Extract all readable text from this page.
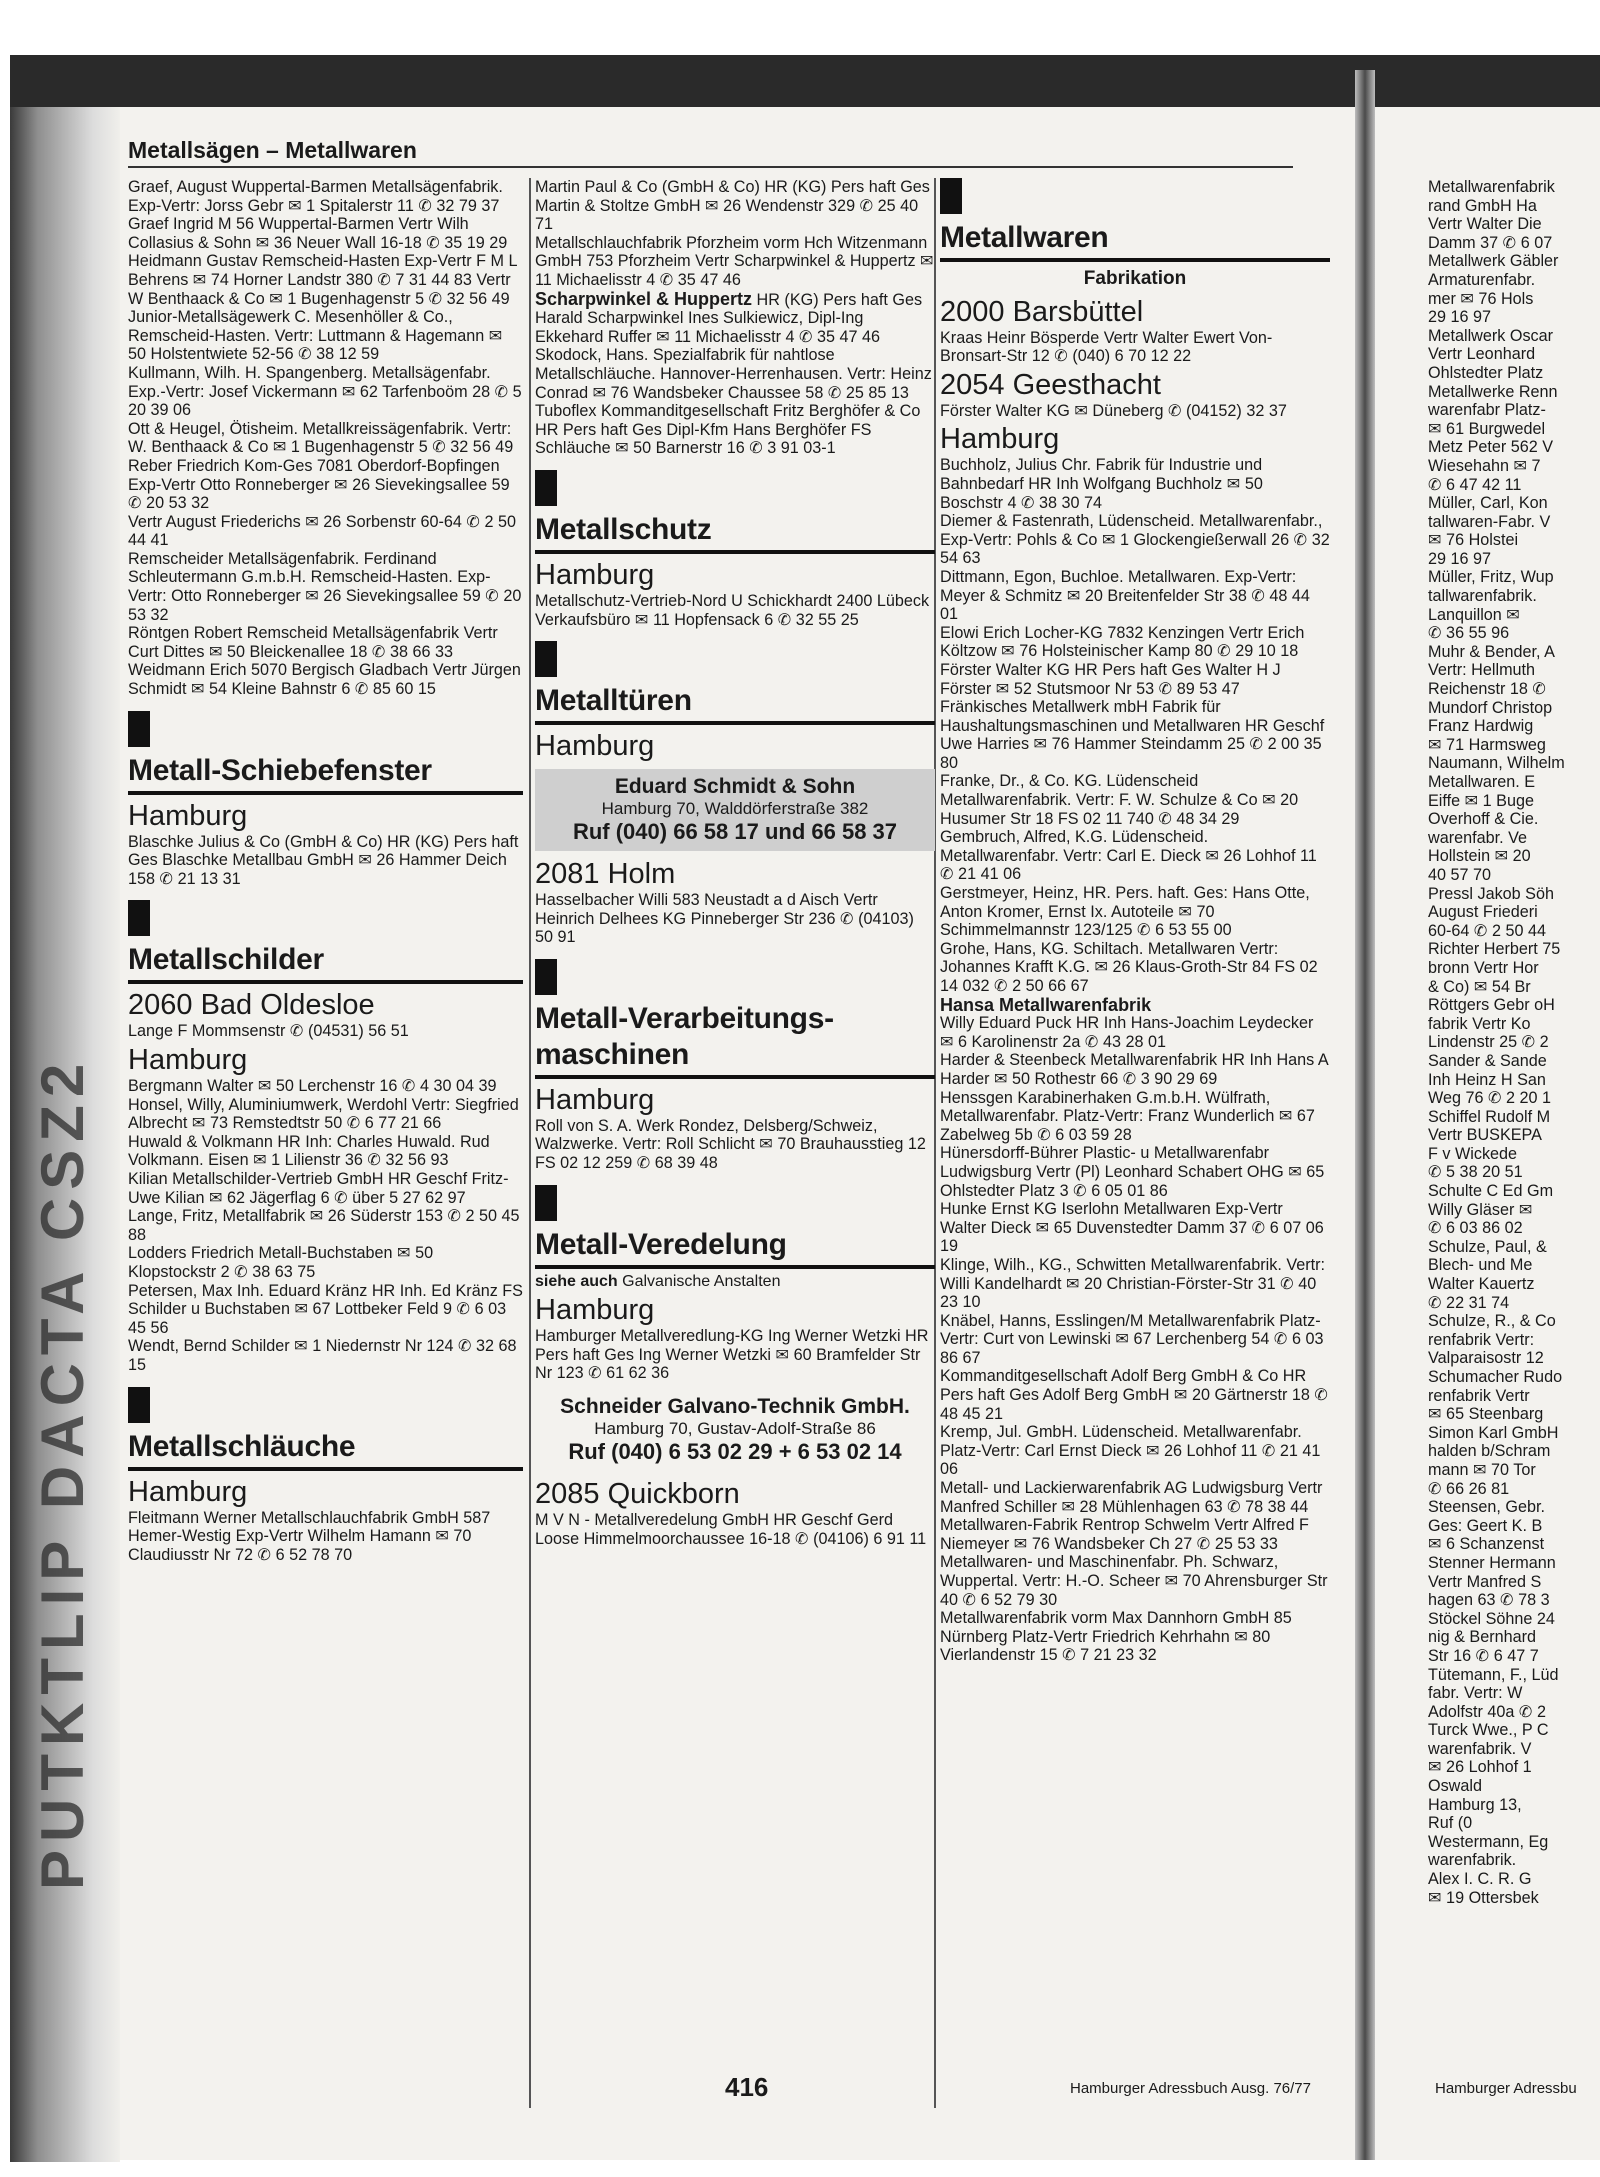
PUTKTLIP DACTA CSZ2
Metallsägen – Metallwaren

Graef, August Wuppertal-Barmen Metallsägenfabrik. Exp-Vertr: Jorss Gebr ✉ 1 Spitalerstr 11 ✆ 32 79 37

Graef Ingrid M 56 Wuppertal-Barmen Vertr Wilh Collasius & Sohn ✉ 36 Neuer Wall 16-18 ✆ 35 19 29

Heidmann Gustav Remscheid-Hasten Exp-Vertr F M L Behrens ✉ 74 Horner Landstr 380 ✆ 7 31 44 83 Vertr W Benthaack & Co ✉ 1 Bugenhagenstr 5 ✆ 32 56 49

Junior-Metallsägewerk C. Mesenhöller & Co., Remscheid-Hasten. Vertr: Luttmann & Hagemann ✉ 50 Holstentwiete 52-56 ✆ 38 12 59

Kullmann, Wilh. H. Spangenberg. Metallsägenfabr. Exp.-Vertr: Josef Vickermann ✉ 62 Tarfenboöm 28 ✆ 5 20 39 06

Ott & Heugel, Ötisheim. Metallkreissägenfabrik. Vertr: W. Benthaack & Co ✉ 1 Bugenhagenstr 5 ✆ 32 56 49

Reber Friedrich Kom-Ges 7081 Oberdorf-Bopfingen Exp-Vertr Otto Ronneberger ✉ 26 Sievekingsallee 59 ✆ 20 53 32

Vertr August Friederichs ✉ 26 Sorbenstr 60-64 ✆ 2 50 44 41

Remscheider Metallsägenfabrik. Ferdinand Schleutermann G.m.b.H. Remscheid-Hasten. Exp-Vertr: Otto Ronneberger ✉ 26 Sievekingsallee 59 ✆ 20 53 32

Röntgen Robert Remscheid Metallsägenfabrik Vertr Curt Dittes ✉ 50 Bleickenallee 18 ✆ 38 66 33

Weidmann Erich 5070 Bergisch Gladbach Vertr Jürgen Schmidt ✉ 54 Kleine Bahnstr 6 ✆ 85 60 15

Metall-Schiebefenster
Hamburg

Blaschke Julius & Co (GmbH & Co) HR (KG) Pers haft Ges Blaschke Metallbau GmbH ✉ 26 Hammer Deich 158 ✆ 21 13 31

Metallschilder
2060 Bad Oldesloe

Lange F Mommsenstr ✆ (04531) 56 51

Hamburg

Bergmann Walter ✉ 50 Lerchenstr 16 ✆ 4 30 04 39

Honsel, Willy, Aluminiumwerk, Werdohl Vertr: Siegfried Albrecht ✉ 73 Remstedtstr 50 ✆ 6 77 21 66

Huwald & Volkmann HR Inh: Charles Huwald. Rud Volkmann. Eisen ✉ 1 Lilienstr 36 ✆ 32 56 93

Kilian Metallschilder-Vertrieb GmbH HR Geschf Fritz-Uwe Kilian ✉ 62 Jägerflag 6 ✆ über 5 27 62 97

Lange, Fritz, Metallfabrik ✉ 26 Süderstr 153 ✆ 2 50 45 88

Lodders Friedrich Metall-Buchstaben ✉ 50 Klopstockstr 2 ✆ 38 63 75

Petersen, Max Inh. Eduard Kränz HR Inh. Ed Kränz FS Schilder u Buchstaben ✉ 67 Lottbeker Feld 9 ✆ 6 03 45 56

Wendt, Bernd Schilder ✉ 1 Niedernstr Nr 124 ✆ 32 68 15

Metallschläuche
Hamburg

Fleitmann Werner Metallschlauchfabrik GmbH 587 Hemer-Westig Exp-Vertr Wilhelm Hamann ✉ 70 Claudiusstr Nr 72 ✆ 6 52 78 70

Martin Paul & Co (GmbH & Co) HR (KG) Pers haft Ges Martin & Stoltze GmbH ✉ 26 Wendenstr 329 ✆ 25 40 71

Metallschlauchfabrik Pforzheim vorm Hch Witzenmann GmbH 753 Pforzheim Vertr Scharpwinkel & Huppertz ✉ 11 Michaelisstr 4 ✆ 35 47 46

Scharpwinkel & Huppertz HR (KG) Pers haft Ges Harald Scharpwinkel Ines Sulkiewicz, Dipl-Ing Ekkehard Ruffer ✉ 11 Michaelisstr 4 ✆ 35 47 46

Skodock, Hans. Spezialfabrik für nahtlose Metallschläuche. Hannover-Herrenhausen. Vertr: Heinz Conrad ✉ 76 Wandsbeker Chaussee 58 ✆ 25 85 13

Tuboflex Kommanditgesellschaft Fritz Berghöfer & Co HR Pers haft Ges Dipl-Kfm Hans Berghöfer FS Schläuche ✉ 50 Barnerstr 16 ✆ 3 91 03-1

Metallschutz
Hamburg

Metallschutz-Vertrieb-Nord U Schickhardt 2400 Lübeck Verkaufsbüro ✉ 11 Hopfensack 6 ✆ 32 55 25

Metalltüren
Hamburg
Eduard Schmidt & Sohn
Hamburg 70, Walddörferstraße 382
Ruf (040) 66 58 17 und 66 58 37
2081 Holm

Hasselbacher Willi 583 Neustadt a d Aisch Vertr Heinrich Delhees KG Pinneberger Str 236 ✆ (04103) 50 91

Metall-Verarbeitungs-maschinen
Hamburg

Roll von S. A. Werk Rondez, Delsberg/Schweiz, Walzwerke. Vertr: Roll Schlicht ✉ 70 Brauhausstieg 12 FS 02 12 259 ✆ 68 39 48

Metall-Veredelung
siehe auch Galvanische Anstalten
Hamburg

Hamburger Metallveredlung-KG Ing Werner Wetzki HR Pers haft Ges Ing Werner Wetzki ✉ 60 Bramfelder Str Nr 123 ✆ 61 62 36

Schneider Galvano-Technik GmbH.
Hamburg 70, Gustav-Adolf-Straße 86
Ruf (040) 6 53 02 29 + 6 53 02 14
2085 Quickborn

M V N - Metallveredelung GmbH HR Geschf Gerd Loose Himmelmoorchaussee 16-18 ✆ (04106) 6 91 11

Metallwaren
Fabrikation
2000 Barsbüttel

Kraas Heinr Bösperde Vertr Walter Ewert Von-Bronsart-Str 12 ✆ (040) 6 70 12 22

2054 Geesthacht

Förster Walter KG ✉ Düneberg ✆ (04152) 32 37

Hamburg

Buchholz, Julius Chr. Fabrik für Industrie und Bahnbedarf HR Inh Wolfgang Buchholz ✉ 50 Boschstr 4 ✆ 38 30 74

Diemer & Fastenrath, Lüdenscheid. Metallwarenfabr., Exp-Vertr: Pohls & Co ✉ 1 Glockengießerwall 26 ✆ 32 54 63

Dittmann, Egon, Buchloe. Metallwaren. Exp-Vertr: Meyer & Schmitz ✉ 20 Breitenfelder Str 38 ✆ 48 44 01

Elowi Erich Locher-KG 7832 Kenzingen Vertr Erich Költzow ✉ 76 Holsteinischer Kamp 80 ✆ 29 10 18

Förster Walter KG HR Pers haft Ges Walter H J Förster ✉ 52 Stutsmoor Nr 53 ✆ 89 53 47

Fränkisches Metallwerk mbH Fabrik für Haushaltungsmaschinen und Metallwaren HR Geschf Uwe Harries ✉ 76 Hammer Steindamm 25 ✆ 2 00 35 80

Franke, Dr., & Co. KG. Lüdenscheid Metallwarenfabrik. Vertr: F. W. Schulze & Co ✉ 20 Husumer Str 18 FS 02 11 740 ✆ 48 34 29

Gembruch, Alfred, K.G. Lüdenscheid. Metallwarenfabr. Vertr: Carl E. Dieck ✉ 26 Lohhof 11 ✆ 21 41 06

Gerstmeyer, Heinz, HR. Pers. haft. Ges: Hans Otte, Anton Kromer, Ernst Ix. Autoteile ✉ 70 Schimmelmannstr 123/125 ✆ 6 53 55 00

Grohe, Hans, KG. Schiltach. Metallwaren Vertr: Johannes Krafft K.G. ✉ 26 Klaus-Groth-Str 84 FS 02 14 032 ✆ 2 50 66 67

Hansa Metallwarenfabrik

Willy Eduard Puck HR Inh Hans-Joachim Leydecker ✉ 6 Karolinenstr 2a ✆ 43 28 01

Harder & Steenbeck Metallwarenfabrik HR Inh Hans A Harder ✉ 50 Rothestr 66 ✆ 3 90 29 69

Henssgen Karabinerhaken G.m.b.H. Wülfrath, Metallwarenfabr. Platz-Vertr: Franz Wunderlich ✉ 67 Zabelweg 5b ✆ 6 03 59 28

Hünersdorff-Bührer Plastic- u Metallwarenfabr Ludwigsburg Vertr (Pl) Leonhard Schabert OHG ✉ 65 Ohlstedter Platz 3 ✆ 6 05 01 86

Hunke Ernst KG Iserlohn Metallwaren Exp-Vertr Walter Dieck ✉ 65 Duvenstedter Damm 37 ✆ 6 07 06 19

Klinge, Wilh., KG., Schwitten Metallwarenfabrik. Vertr: Willi Kandelhardt ✉ 20 Christian-Förster-Str 31 ✆ 40 23 10

Knäbel, Hanns, Esslingen/M Metallwarenfabrik Platz-Vertr: Curt von Lewinski ✉ 67 Lerchenberg 54 ✆ 6 03 86 67

Kommanditgesellschaft Adolf Berg GmbH & Co HR Pers haft Ges Adolf Berg GmbH ✉ 20 Gärtnerstr 18 ✆ 48 45 21

Kremp, Jul. GmbH. Lüdenscheid. Metallwarenfabr. Platz-Vertr: Carl Ernst Dieck ✉ 26 Lohhof 11 ✆ 21 41 06

Metall- und Lackierwarenfabrik AG Ludwigsburg Vertr Manfred Schiller ✉ 28 Mühlenhagen 63 ✆ 78 38 44

Metallwaren-Fabrik Rentrop Schwelm Vertr Alfred F Niemeyer ✉ 76 Wandsbeker Ch 27 ✆ 25 53 33

Metallwaren- und Maschinenfabr. Ph. Schwarz, Wuppertal. Vertr: H.-O. Scheer ✉ 70 Ahrensburger Str 40 ✆ 6 52 79 30

Metallwarenfabrik vorm Max Dannhorn GmbH 85 Nürnberg Platz-Vertr Friedrich Kehrhahn ✉ 80 Vierlandenstr 15 ✆ 7 21 23 32

Metallwarenfabrik

rand GmbH Ha

Vertr Walter Die

Damm 37 ✆ 6 07

Metallwerk Gäbler

Armaturenfabr.

mer ✉ 76 Hols

29 16 97

Metallwerk Oscar

Vertr Leonhard

Ohlstedter Platz

Metallwerke Renn

warenfabr Platz-

✉ 61 Burgwedel

Metz Peter 562 V

Wiesehahn ✉ 7

✆ 6 47 42 11

Müller, Carl, Kon

tallwaren-Fabr. V

✉ 76 Holstei

29 16 97

Müller, Fritz, Wup

tallwarenfabrik.

Lanquillon ✉

✆ 36 55 96

Muhr & Bender, A

Vertr: Hellmuth

Reichenstr 18 ✆

Mundorf Christop

Franz Hardwig

✉ 71 Harmsweg

Naumann, Wilhelm

Metallwaren. E

Eiffe ✉ 1 Buge

Overhoff & Cie.

warenfabr. Ve

Hollstein ✉ 20

40 57 70

Pressl Jakob Söh

August Friederi

60-64 ✆ 2 50 44

Richter Herbert 75

bronn Vertr Hor

& Co) ✉ 54 Br

Röttgers Gebr oH

fabrik Vertr Ko

Lindenstr 25 ✆ 2

Sander & Sande

Inh Heinz H San

Weg 76 ✆ 2 20 1

Schiffel Rudolf M

Vertr BUSKEPA

F v Wickede

✆ 5 38 20 51

Schulte C Ed Gm

Willy Gläser ✉

✆ 6 03 86 02

Schulze, Paul, &

Blech- und Me

Walter Kauertz

✆ 22 31 74

Schulze, R., & Co

renfabrik Vertr:

Valparaisostr 12

Schumacher Rudo

renfabrik Vertr

✉ 65 Steenbarg

Simon Karl GmbH

halden b/Schram

mann ✉ 70 Tor

✆ 66 26 81

Steensen, Gebr.

Ges: Geert K. B

✉ 6 Schanzenst

Stenner Hermann

Vertr Manfred S

hagen 63 ✆ 78 3

Stöckel Söhne 24

nig & Bernhard

Str 16 ✆ 6 47 7

Tütemann, F., Lüd

fabr. Vertr: W

Adolfstr 40a ✆ 2

Turck Wwe., P C

warenfabrik. V

✉ 26 Lohhof 1

Oswald

Hamburg 13,

Ruf (0

Westermann, Eg

warenfabrik.

Alex I. C. R. G

✉ 19 Ottersbek

416	Hamburger Adressbuch Ausg. 76/77	Hamburger Adressbu
